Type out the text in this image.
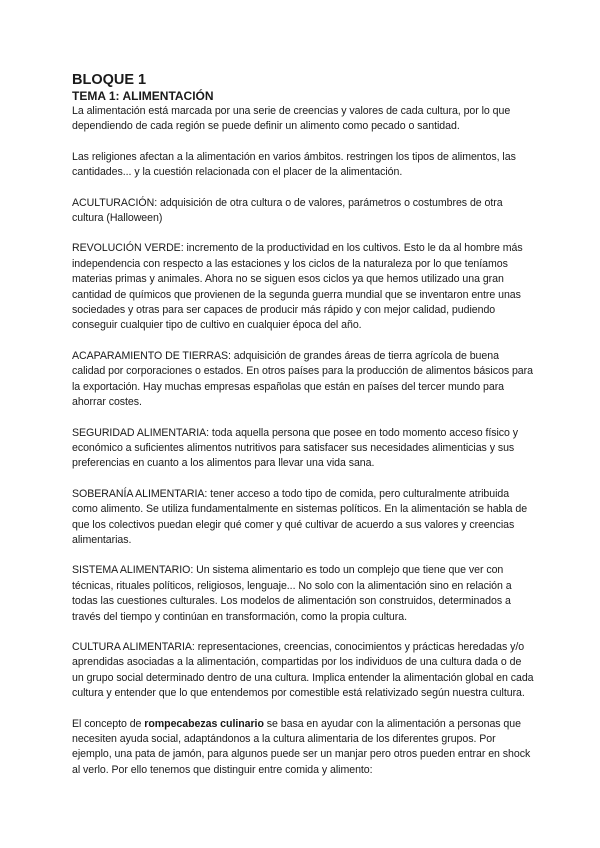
BLOQUE 1
TEMA 1: ALIMENTACIÓN

La alimentación está marcada por una serie de creencias y valores de cada cultura, por lo que dependiendo de cada región se puede definir un alimento como pecado o santidad.

Las religiones afectan a la alimentación en varios ámbitos. restringen los tipos de alimentos, las cantidades... y la cuestión relacionada con el placer de la alimentación.

ACULTURACIÓN: adquisición de otra cultura o de valores, parámetros o costumbres de otra cultura (Halloween)

REVOLUCIÓN VERDE: incremento de la productividad en los cultivos. Esto le da al hombre más independencia con respecto a las estaciones y los ciclos de la naturaleza por lo que teníamos materias primas y animales. Ahora no se siguen esos ciclos ya que hemos utilizado una gran cantidad de químicos que provienen de la segunda guerra mundial que se inventaron entre unas sociedades y otras para ser capaces de producir más rápido y con mejor calidad, pudiendo conseguir cualquier tipo de cultivo en cualquier época del año.

ACAPARAMIENTO DE TIERRAS: adquisición de grandes áreas de tierra agrícola de buena calidad por corporaciones o estados. En otros países para la producción de alimentos básicos para la exportación. Hay muchas empresas españolas que están en países del tercer mundo para ahorrar costes.

SEGURIDAD ALIMENTARIA: toda aquella persona que posee en todo momento acceso físico y económico a suficientes alimentos nutritivos para satisfacer sus necesidades alimenticias y sus preferencias en cuanto a los alimentos para llevar una vida sana.

SOBERANÍA ALIMENTARIA: tener acceso a todo tipo de comida, pero culturalmente atribuida como alimento. Se utiliza fundamentalmente en sistemas políticos. En la alimentación se habla de que los colectivos puedan elegir qué comer y qué cultivar de acuerdo a sus valores y creencias alimentarias.

SISTEMA ALIMENTARIO: Un sistema alimentario es todo un complejo que tiene que ver con técnicas, rituales políticos, religiosos, lenguaje... No solo con la alimentación sino en relación a todas las cuestiones culturales. Los modelos de alimentación son construidos, determinados a través del tiempo y continúan en transformación, como la propia cultura.

CULTURA ALIMENTARIA: representaciones, creencias, conocimientos y prácticas heredadas y/o aprendidas asociadas a la alimentación, compartidas por los individuos de una cultura dada o de un grupo social determinado dentro de una cultura. Implica entender la alimentación global en cada cultura y entender que lo que entendemos por comestible está relativizado según nuestra cultura.

El concepto de rompecabezas culinario se basa en ayudar con la alimentación a personas que necesiten ayuda social, adaptándonos a la cultura alimentaria de los diferentes grupos. Por ejemplo, una pata de jamón, para algunos puede ser un manjar pero otros pueden entrar en shock al verlo. Por ello tenemos que distinguir entre comida y alimento:
